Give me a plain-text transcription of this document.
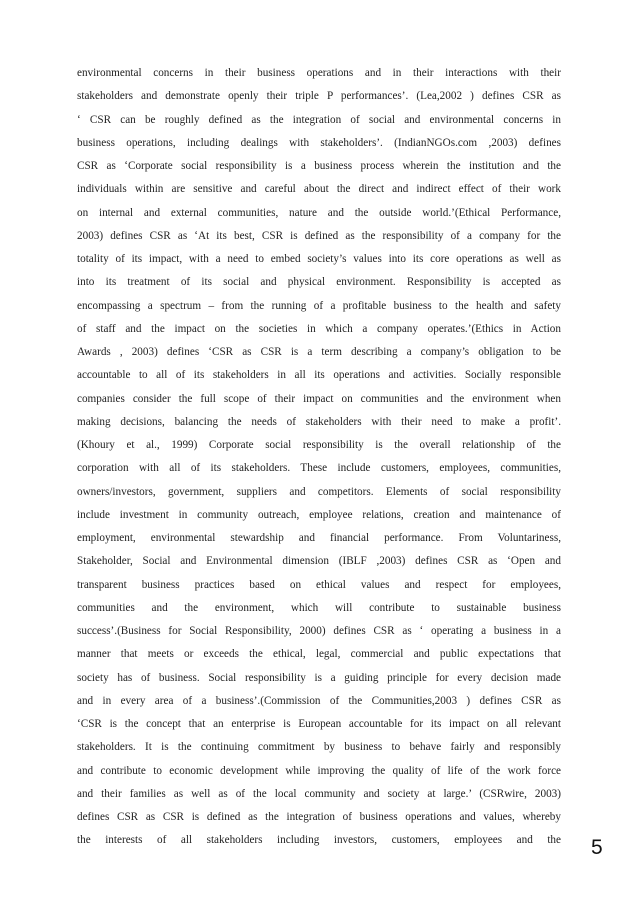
environmental concerns in their business operations and in their interactions with their
stakeholders and demonstrate openly their triple P performances’. (Lea,2002 ) defines CSR as
‘ CSR can be roughly defined as the integration of social and environmental concerns in
business operations, including dealings with stakeholders’. (IndianNGOs.com ,2003) defines
CSR as ‘Corporate social responsibility is a business process wherein the institution and the
individuals within are sensitive and careful about the direct and indirect effect of their work
on internal and external communities, nature and the outside world.’(Ethical Performance,
2003) defines CSR as ‘At its best, CSR is defined as the responsibility of a company for the
totality of its impact, with a need to embed society’s values into its core operations as well as
into its treatment of its social and physical environment. Responsibility is accepted as
encompassing a spectrum – from the running of a profitable business to the health and safety
of staff and the impact on the societies in which a company operates.’(Ethics in Action
Awards , 2003) defines ‘CSR as CSR is a term describing a company’s obligation to be
accountable to all of its stakeholders in all its operations and activities. Socially responsible
companies consider the full scope of their impact on communities and the environment when
making decisions, balancing the needs of stakeholders with their need to make a profit’.
(Khoury et al., 1999) Corporate social responsibility is the overall relationship of the
corporation with all of its stakeholders. These include customers, employees, communities,
owners/investors, government, suppliers and competitors. Elements of social responsibility
include investment in community outreach, employee relations, creation and maintenance of
employment, environmental stewardship and financial performance. From Voluntariness,
Stakeholder, Social and Environmental dimension (IBLF ,2003) defines CSR as ‘Open and
transparent business practices based on ethical values and respect for employees,
communities and the environment, which will contribute to sustainable business
success’.(Business for Social Responsibility, 2000) defines CSR as ‘ operating a business in a
manner that meets or exceeds the ethical, legal, commercial and public expectations that
society has of business. Social responsibility is a guiding principle for every decision made
and in every area of a business’.(Commission of the Communities,2003 ) defines CSR as
‘CSR is the concept that an enterprise is European accountable for its impact on all relevant
stakeholders. It is the continuing commitment by business to behave fairly and responsibly
and contribute to economic development while improving the quality of life of the work force
and their families as well as of the local community and society at large.’ (CSRwire, 2003)
defines CSR as CSR is defined as the integration of business operations and values, whereby
the interests of all stakeholders including investors, customers, employees and the 5
